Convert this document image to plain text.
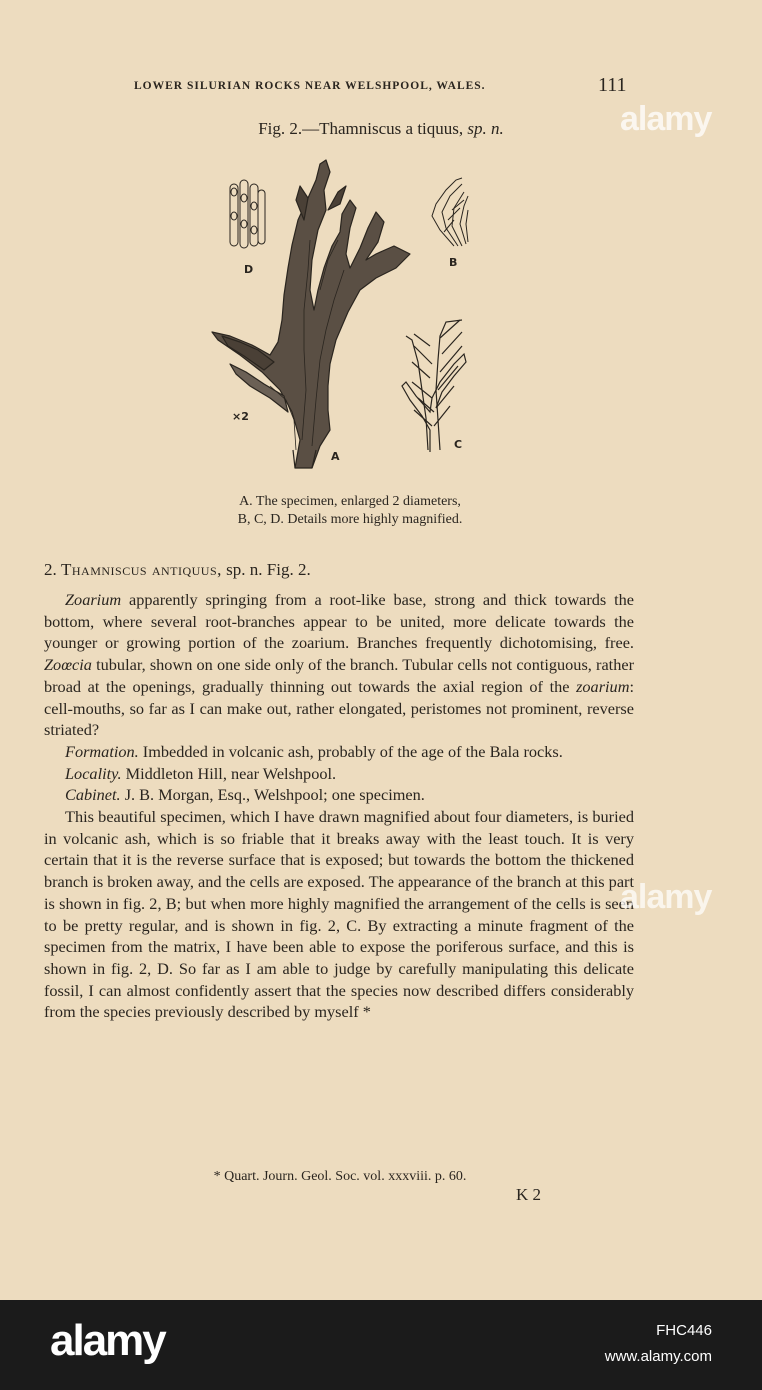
LOWER SILURIAN ROCKS NEAR WELSHPOOL, WALES.	111
Fig. 2.—Thamniscus a tiquus, sp. n.
D
B
×2
C
A
A. The specimen, enlarged 2 diameters,
B, C, D. Details more highly magnified.
2. Thamniscus antiquus, sp. n. Fig. 2.
Zoarium apparently springing from a root-like base, strong and thick towards the bottom, where several root-branches appear to be united, more delicate towards the younger or growing portion of the zoarium. Branches frequently dichotomising, free. Zoœcia tubular, shown on one side only of the branch. Tubular cells not contiguous, rather broad at the openings, gradually thinning out towards the axial region of the zoarium: cell-mouths, so far as I can make out, rather elongated, peristomes not prominent, reverse striated?
Formation. Imbedded in volcanic ash, probably of the age of the Bala rocks.
Locality. Middleton Hill, near Welshpool.
Cabinet. J. B. Morgan, Esq., Welshpool; one specimen.
This beautiful specimen, which I have drawn magnified about four diameters, is buried in volcanic ash, which is so friable that it breaks away with the least touch. It is very certain that it is the reverse surface that is exposed; but towards the bottom the thickened branch is broken away, and the cells are exposed. The appearance of the branch at this part is shown in fig. 2, B; but when more highly magnified the arrangement of the cells is seen to be pretty regular, and is shown in fig. 2, C. By extracting a minute fragment of the specimen from the matrix, I have been able to expose the poriferous surface, and this is shown in fig. 2, D. So far as I am able to judge by carefully manipulating this delicate fossil, I can almost confidently assert that the species now described differs considerably from the species previously described by myself *
* Quart. Journ. Geol. Soc. vol. xxxviii. p. 60.
K 2
alamy
alamy
alamy	FHC446
www.alamy.com
